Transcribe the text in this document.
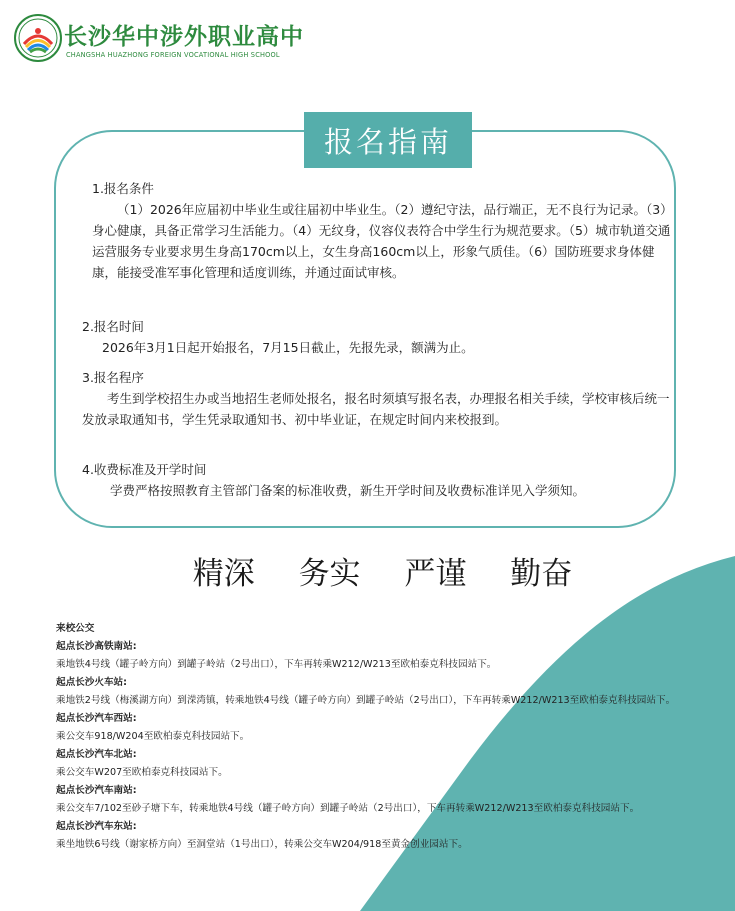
长沙华中涉外职业高中
CHANGSHA HUAZHONG FOREIGN VOCATIONAL HIGH SCHOOL
报名指南
1.报名条件
（1）2026年应届初中毕业生或往届初中毕业生。（2）遵纪守法，品行端正，无不良行为记录。（3）身心健康，具备正常学习生活能力。（4）无纹身，仪容仪表符合中学生行为规范要求。（5）城市轨道交通运营服务专业要求男生身高170cm以上，女生身高160cm以上，形象气质佳。（6）国防班要求身体健康，能接受准军事化管理和适度训练，并通过面试审核。
2.报名时间
2026年3月1日起开始报名，7月15日截止，先报先录，额满为止。
3.报名程序
考生到学校招生办或当地招生老师处报名，报名时须填写报名表，办理报名相关手续，学校审核后统一发放录取通知书，学生凭录取通知书、初中毕业证，在规定时间内来校报到。
4.收费标准及开学时间
学费严格按照教育主管部门备案的标准收费，新生开学时间及收费标准详见入学须知。
精深 务实 严谨 勤奋
来校公交
起点长沙高铁南站:
乘地铁4号线（罐子岭方向）到罐子岭站（2号出口），下车再转乘W212/W213至欧柏泰克科技园站下。
起点长沙火车站:
乘地铁2号线（梅溪湖方向）到溁湾镇，转乘地铁4号线（罐子岭方向）到罐子岭站（2号出口），下车再转乘W212/W213至欧柏泰克科技园站下。
起点长沙汽车西站:
乘公交车918/W204至欧柏泰克科技园站下。
起点长沙汽车北站:
乘公交车W207至欧柏泰克科技园站下。
起点长沙汽车南站:
乘公交车7/102至砂子塘下车，转乘地铁4号线（罐子岭方向）到罐子岭站（2号出口），下车再转乘W212/W213至欧柏泰克科技园站下。
起点长沙汽车东站:
乘坐地铁6号线（谢家桥方向）至洞堂站（1号出口），转乘公交车W204/918至黄金创业园站下。
